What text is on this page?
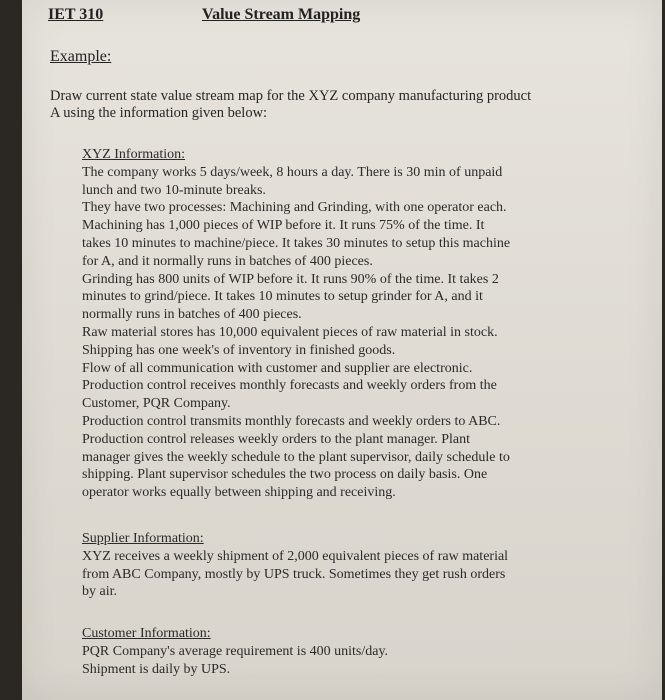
IET 310	Value Stream Mapping
Example:
Draw current state value stream map for the XYZ company manufacturing product
A using the information given below:
XYZ Information:
The company works 5 days/week, 8 hours a day. There is 30 min of unpaid
lunch and two 10-minute breaks.
They have two processes: Machining and Grinding, with one operator each.
Machining has 1,000 pieces of WIP before it. It runs 75% of the time. It
takes 10 minutes to machine/piece. It takes 30 minutes to setup this machine
for A, and it normally runs in batches of 400 pieces.
Grinding has 800 units of WIP before it. It runs 90% of the time. It takes 2
minutes to grind/piece. It takes 10 minutes to setup grinder for A, and it
normally runs in batches of 400 pieces.
Raw material stores has 10,000 equivalent pieces of raw material in stock.
Shipping has one week's of inventory in finished goods.
Flow of all communication with customer and supplier are electronic.
Production control receives monthly forecasts and weekly orders from the
Customer, PQR Company.
Production control transmits monthly forecasts and weekly orders to ABC.
Production control releases weekly orders to the plant manager. Plant
manager gives the weekly schedule to the plant supervisor, daily schedule to
shipping. Plant supervisor schedules the two process on daily basis. One
operator works equally between shipping and receiving.
Supplier Information:
XYZ receives a weekly shipment of 2,000 equivalent pieces of raw material
from ABC Company, mostly by UPS truck. Sometimes they get rush orders
by air.
Customer Information:
PQR Company's average requirement is 400 units/day.
Shipment is daily by UPS.
